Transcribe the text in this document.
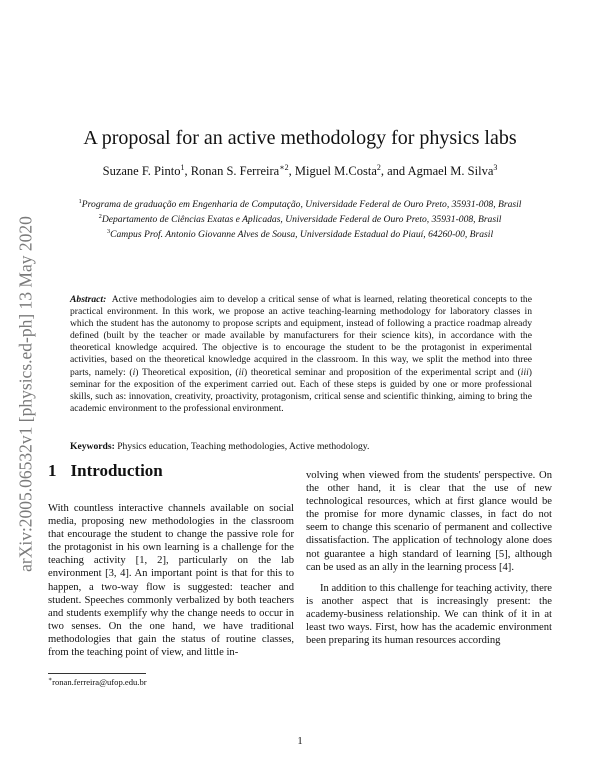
arXiv:2005.06532v1 [physics.ed-ph] 13 May 2020
A proposal for an active methodology for physics labs
Suzane F. Pinto$^1$, Ronan S. Ferreira$^{∗2}$, Miguel M.Costa$^2$, and Agmael M. Silva$^3$
$^1$Programa de graduação em Engenharia de Computação, Universidade Federal de Ouro Preto, 35931-008, Brasil
$^2$Departamento de Ciências Exatas e Aplicadas, Universidade Federal de Ouro Preto, 35931-008, Brasil
$^3$Campus Prof. Antonio Giovanne Alves de Sousa, Universidade Estadual do Piauí, 64260-00, Brasil
Abstract: Active methodologies aim to develop a critical sense of what is learned, relating theoretical concepts to the practical environment. In this work, we propose an active teaching-learning methodology for laboratory classes in which the student has the autonomy to propose scripts and equipment, instead of following a practice roadmap already defined (built by the teacher or made available by manufacturers for their science kits), in accordance with the theoretical knowledge acquired. The objective is to encourage the student to be the protagonist in experimental activities, based on the theoretical knowledge acquired in the classroom. In this way, we split the method into three parts, namely: (i) Theoretical exposition, (ii) theoretical seminar and proposition of the experimental script and (iii) seminar for the exposition of the experiment carried out. Each of these steps is guided by one or more professional skills, such as: innovation, creativity, proactivity, protagonism, critical sense and scientific thinking, aiming to bring the academic environment to the professional environment.
Keywords: Physics education, Teaching methodologies, Active methodology.
1 Introduction

With countless interactive channels available on social media, proposing new methodologies in the classroom that encourage the student to change the passive role for the protagonist in his own learning is a challenge for the teaching activity [1, 2], particularly on the lab environment [3, 4]. An important point is that for this to happen, a two-way flow is suggested: teacher and student. Speeches commonly verbalized by both teachers and students exemplify why the change needs to occur in two senses. On the one hand, we have traditional methodologies that gain the status of routine classes, from the teaching point of view, and little in-

volving when viewed from the students' perspective. On the other hand, it is clear that the use of new technological resources, which at first glance would be the promise for more dynamic classes, in fact do not seem to change this scenario of permanent and collective dissatisfaction. The application of technology alone does not guarantee a high standard of learning [5], although can be used as an ally in the learning process [4].

In addition to this challenge for teaching activity, there is another aspect that is increasingly present: the academy-business relationship. We can think of it in at least two ways. First, how has the academic environment been preparing its human resources according

∗ronan.ferreira@ufop.edu.br
1
